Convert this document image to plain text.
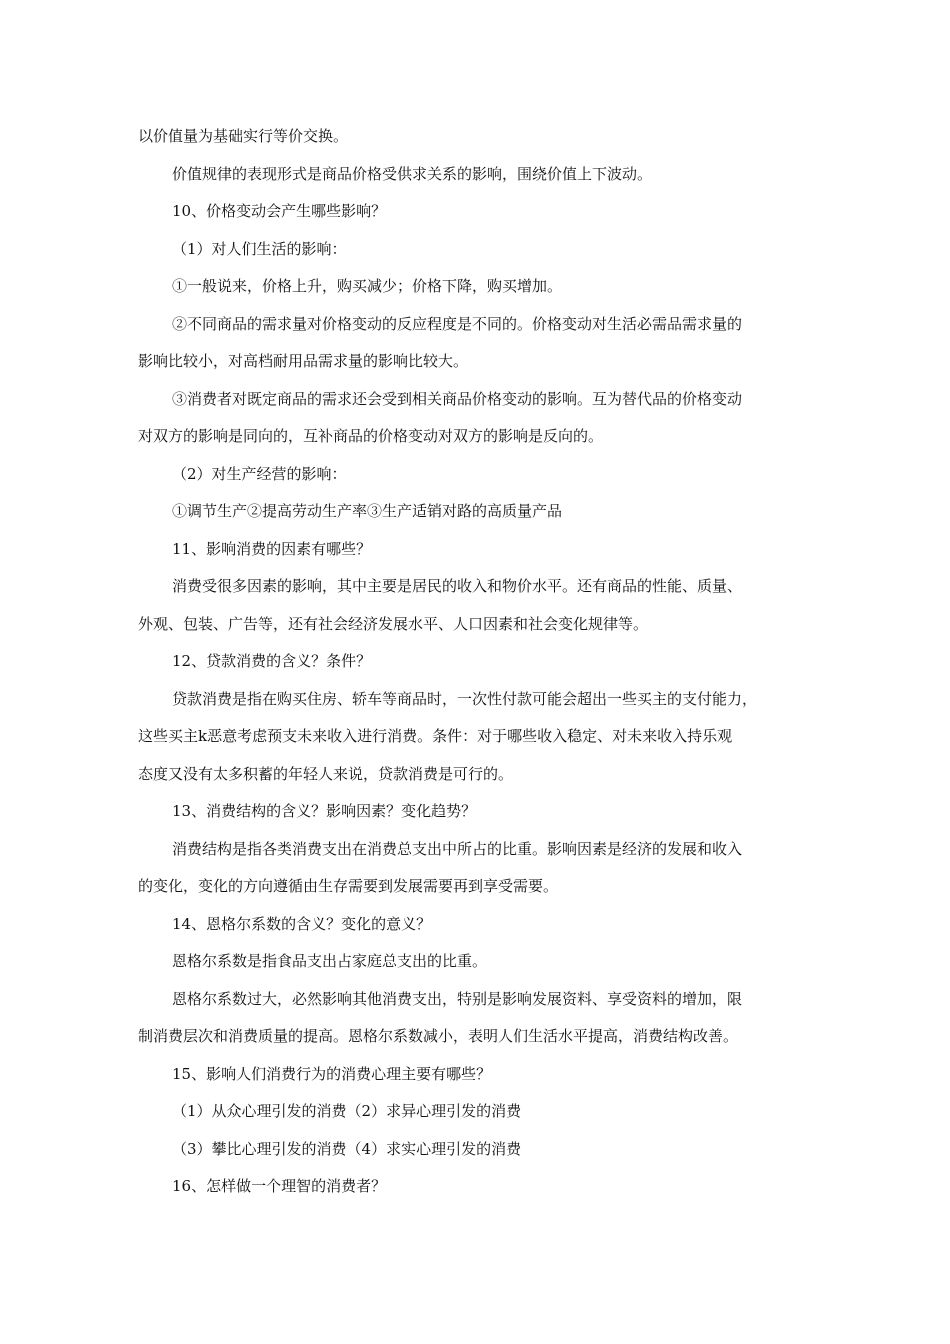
以价值量为基础实行等价交换。
价值规律的表现形式是商品价格受供求关系的影响，围绕价值上下波动。
10、价格变动会产生哪些影响？
（1）对人们生活的影响：
①一般说来，价格上升，购买减少；价格下降，购买增加。
②不同商品的需求量对价格变动的反应程度是不同的。价格变动对生活必需品需求量的
影响比较小，对高档耐用品需求量的影响比较大。
③消费者对既定商品的需求还会受到相关商品价格变动的影响。互为替代品的价格变动
对双方的影响是同向的，互补商品的价格变动对双方的影响是反向的。
（2）对生产经营的影响：
①调节生产②提高劳动生产率③生产适销对路的高质量产品
11、影响消费的因素有哪些？
消费受很多因素的影响，其中主要是居民的收入和物价水平。还有商品的性能、质量、
外观、包装、广告等，还有社会经济发展水平、人口因素和社会变化规律等。
12、贷款消费的含义？条件？
贷款消费是指在购买住房、轿车等商品时，一次性付款可能会超出一些买主的支付能力，
这些买主k恶意考虑预支未来收入进行消费。条件：对于哪些收入稳定、对未来收入持乐观
态度又没有太多积蓄的年轻人来说，贷款消费是可行的。
13、消费结构的含义？影响因素？变化趋势？
消费结构是指各类消费支出在消费总支出中所占的比重。影响因素是经济的发展和收入
的变化，变化的方向遵循由生存需要到发展需要再到享受需要。
14、恩格尔系数的含义？变化的意义？
恩格尔系数是指食品支出占家庭总支出的比重。
恩格尔系数过大，必然影响其他消费支出，特别是影响发展资料、享受资料的增加，限
制消费层次和消费质量的提高。恩格尔系数减小，表明人们生活水平提高，消费结构改善。
15、影响人们消费行为的消费心理主要有哪些？
（1）从众心理引发的消费（2）求异心理引发的消费
（3）攀比心理引发的消费（4）求实心理引发的消费
16、怎样做一个理智的消费者？
